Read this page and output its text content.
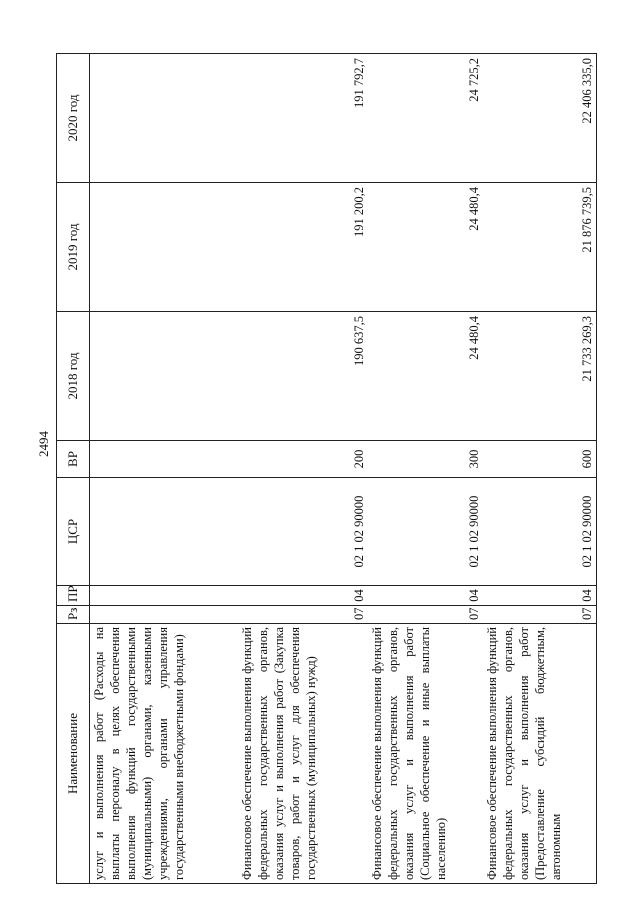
2494
Наименование	Рз	ПР	ЦСР	ВР	2018 год	2019 год	2020 год
услуг и выполнения работ (Расходы на выплаты персоналу в целях обеспечения выполнения функций государственными (муниципальными) органами, казенными учреждениями, органами управления государственными внебюджетными фондами)							
Финансовое обеспечение выполнения функций федеральных государственных органов, оказания услуг и выполнения работ (Закупка товаров, работ и услуг для обеспечения государственных (муниципальных) нужд)	07	04	02 1 02 90000	200	190 637,5	191 200,2	191 792,7
Финансовое обеспечение выполнения функций федеральных государственных органов, оказания услуг и выполнения работ (Социальное обеспечение и иные выплаты населению)	07	04	02 1 02 90000	300	24 480,4	24 480,4	24 725,2
Финансовое обеспечение выполнения функций федеральных государственных органов, оказания услуг и выполнения работ (Предоставление субсидий бюджетным, автономным	07	04	02 1 02 90000	600	21 733 269,3	21 876 739,5	22 406 335,0
